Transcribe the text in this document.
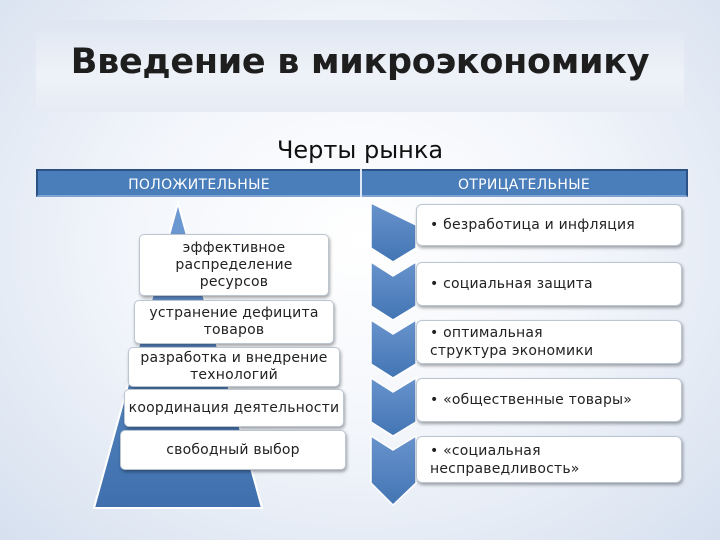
Введение в микроэкономику
Черты рынка
ПОЛОЖИТЕЛЬНЫЕ	ОТРИЦАТЕЛЬНЫЕ
эффективное распределение ресурсов
устранение дефицита товаров
разработка и внедрение технологий
координация деятельности
свободный выбор
• безработица и инфляция
• социальная защита
• оптимальная структура экономики
• «общественные товары»
• «социальная несправедливость»
